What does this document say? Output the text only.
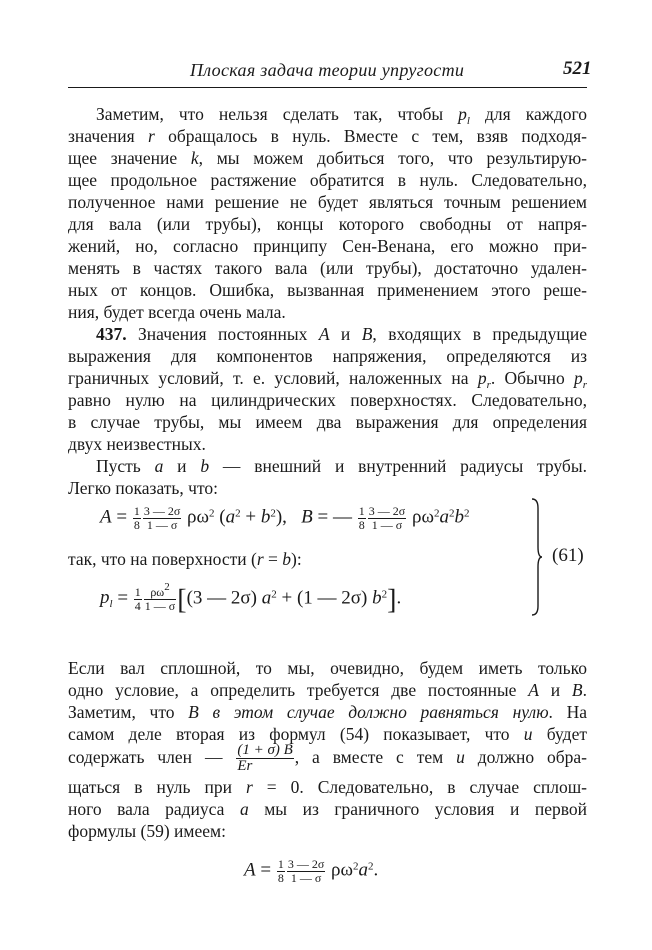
Плоская задача теории упругости	521
Заметим, что нельзя сделать так, чтобы $p_l$ для каждого
значения r обращалось в нуль. Вместе с тем, взяв подходя-
щее значение k, мы можем добиться того, что результирую-
щее продольное растяжение обратится в нуль. Следовательно,
полученное нами решение не будет являться точным решением
для вала (или трубы), концы которого свободны от напря-
жений, но, согласно принципу Сен-Венана, его можно при-
менять в частях такого вала (или трубы), достаточно удален-
ных от концов. Ошибка, вызванная применением этого реше-
ния, будет всегда очень мала.
437. Значения постоянных A и B, входящих в предыдущие
выражения для компонентов напряжения, определяются из
граничных условий, т. е. условий, наложенных на $p_r$. Обычно $p_r$
равно нулю на цилиндрических поверхностях. Следовательно,
в случае трубы, мы имеем два выражения для определения
двух неизвестных.
Пусть a и b — внешний и внутренний радиусы трубы.
Легко показать, что:
$A = \frac{1}{8} \frac{3 — 2\sigma}{1 — \sigma} \rho\omega^2$ $(a^2 + b^2)$,   B = — $\frac{1}{8} \frac{3 — 2\sigma}{1 — \sigma} \rho\omega^2a^2b^2$
так, что на поверхности (r = b):
$p_l = \frac{1}{4} \frac{\rho\omega^2}{1 — \sigma} [(3$ — 2σ) $a^2 + (1$ — 2σ) $b^2$].
(61)
Если вал сплошной, то мы, очевидно, будем иметь только
одно условие, а определить требуется две постоянные A и B.
Заметим, что B в этом случае должно равняться нулю. На
самом деле вторая из формул (54) показывает, что u будет
содержать член — $\frac{(1 + \sigma) B}{Er}$ , а вместе с тем u должно обра-
щаться в нуль при r = 0. Следовательно, в случае сплош-
ного вала радиуса a мы из граничного условия и первой
формулы (59) имеем:
$A = \frac{1}{8} \frac{3 — 2\sigma}{1 — \sigma} \rho\omega^2a^2$.
